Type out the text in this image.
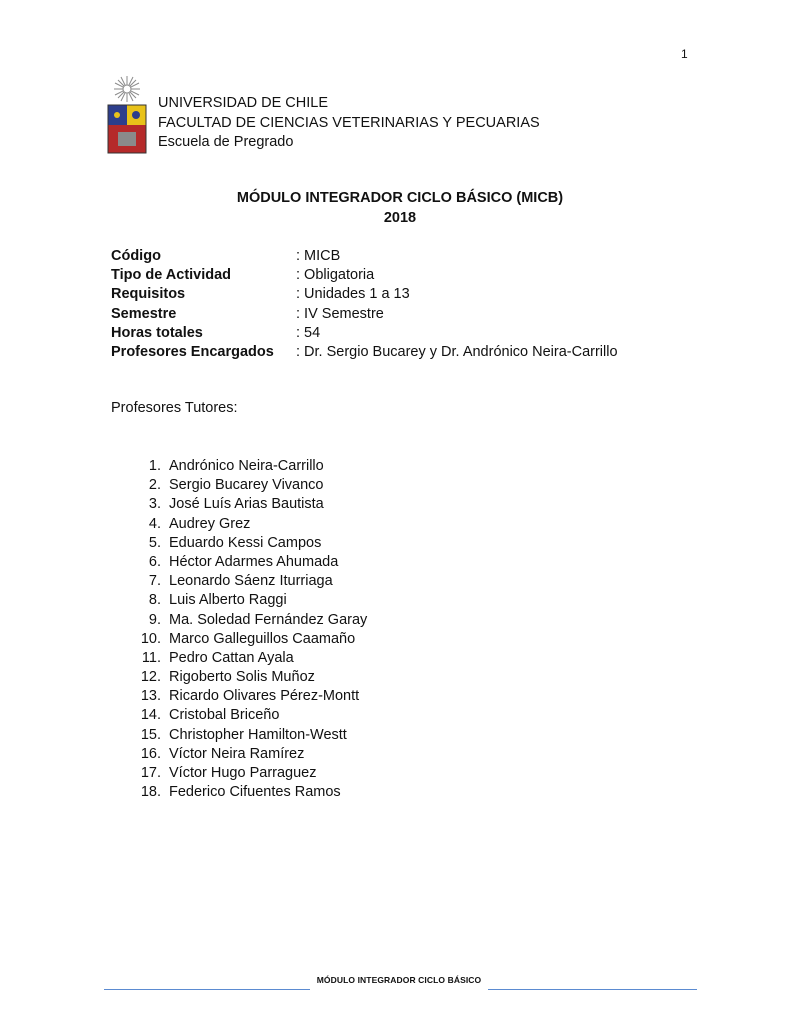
1
UNIVERSIDAD DE CHILE
FACULTAD DE CIENCIAS VETERINARIAS Y PECUARIAS
Escuela de Pregrado
MÓDULO INTEGRADOR CICLO BÁSICO (MICB)
2018
Código	: MICB
Tipo de Actividad	: Obligatoria
Requisitos	: Unidades 1 a 13
Semestre	: IV Semestre
Horas totales	: 54
Profesores Encargados	: Dr. Sergio Bucarey y Dr. Andrónico Neira-Carrillo
Profesores Tutores:
1. Andrónico Neira-Carrillo
2. Sergio Bucarey Vivanco
3. José Luís Arias Bautista
4. Audrey Grez
5. Eduardo Kessi Campos
6. Héctor Adarmes Ahumada
7. Leonardo Sáenz Iturriaga
8. Luis Alberto Raggi
9. Ma. Soledad Fernández Garay
10. Marco Galleguillos Caamaño
11. Pedro Cattan Ayala
12. Rigoberto Solis Muñoz
13. Ricardo Olivares Pérez-Montt
14. Cristobal Briceño
15. Christopher Hamilton-Westt
16. Víctor Neira Ramírez
17. Víctor Hugo Parraguez
18. Federico Cifuentes Ramos
MÓDULO INTEGRADOR CICLO BÁSICO
